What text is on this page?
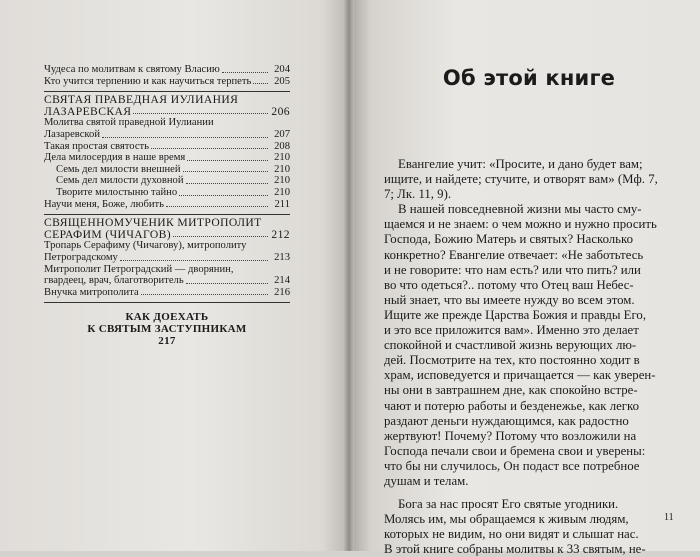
Чудеса по молитвам к святому Власию	204
Кто учится терпению и как научиться терпеть	205
СВЯТАЯ ПРАВЕДНАЯ ИУЛИАНИЯ
ЛАЗАРЕВСКАЯ	206
Молитва святой праведной Иулиании
Лазаревской	207
Такая простая святость	208
Дела милосердия в наше время	210
Семь дел милости внешней	210
Семь дел милости духовной	210
Творите милостыню тайно	210
Научи меня, Боже, любить	211
СВЯЩЕННОМУЧЕНИК МИТРОПОЛИТ
СЕРАФИМ (ЧИЧАГОВ)	212
Тропарь Серафиму (Чичагову), митрополиту
Петроградскому	213
Митрополит Петроградский — дворянин,
гвардеец, врач, благотворитель	214
Внучка митрополита	216
КАК ДОЕХАТЬ
К СВЯТЫМ ЗАСТУПНИКАМ
217
Об этой книге
Евангелие учит: «Просите, и дано будет вам;
ищите, и найдете; стучите, и отворят вам» (Мф. 7,
7; Лк. 11, 9).
В нашей повседневной жизни мы часто сму-
щаемся и не знаем: о чем можно и нужно просить
Господа, Божию Матерь и святых? Насколько
конкретно? Евангелие отвечает: «Не заботьтесь
и не говорите: что нам есть? или что пить? или
во что одеться?.. потому что Отец ваш Небес-
ный знает, что вы имеете нужду во всем этом.
Ищите же прежде Царства Божия и правды Его,
и это все приложится вам». Именно это делает
спокойной и счастливой жизнь верующих лю-
дей. Посмотрите на тех, кто постоянно ходит в
храм, исповедуется и причащается — как уверен-
ны они в завтрашнем дне, как спокойно встре-
чают и потерю работы и безденежье, как легко
раздают деньги нуждающимся, как радостно
жертвуют! Почему? Потому что возложили на
Господа печали свои и бремена свои и уверены:
что бы ни случилось, Он подаст все потребное
душам и телам.
Бога за нас просят Его святые угодники.
Молясь им, мы обращаемся к живым людям,
которых не видим, но они видят и слышат нас.
В этой книге собраны молитвы к 33 святым, не-
11
